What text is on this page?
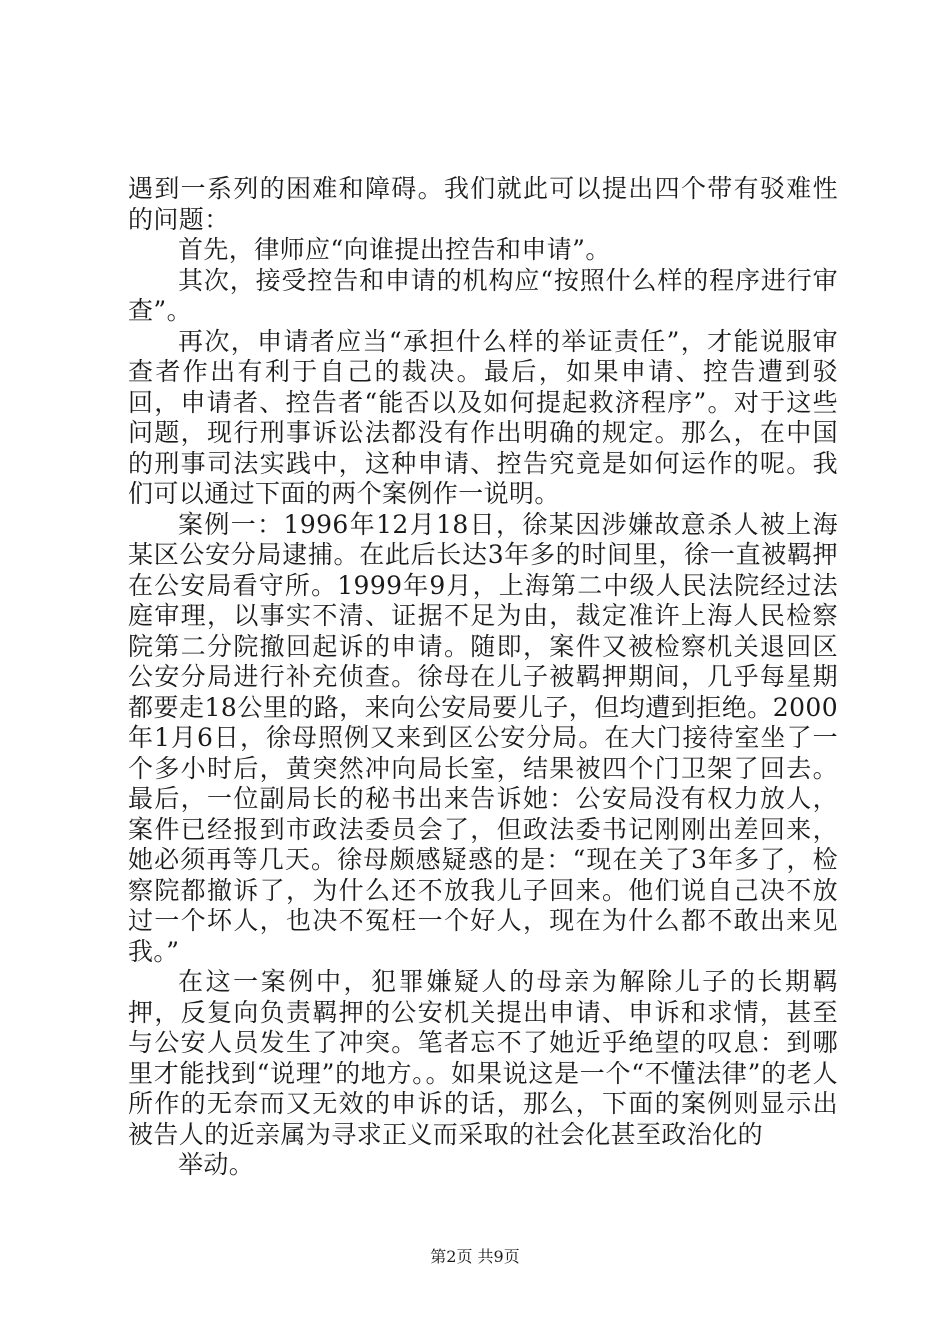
遇到一系列的困难和障碍。我们就此可以提出四个带有驳难性的问题：

首先，律师应“向谁提出控告和申请”。

其次，接受控告和申请的机构应“按照什么样的程序进行审查”。

再次，申请者应当“承担什么样的举证责任”，才能说服审查者作出有利于自己的裁决。最后，如果申请、控告遭到驳回，申请者、控告者“能否以及如何提起救济程序”。对于这些问题，现行刑事诉讼法都没有作出明确的规定。那么，在中国的刑事司法实践中，这种申请、控告究竟是如何运作的呢。我们可以通过下面的两个案例作一说明。

案例一：1996年12月18日，徐某因涉嫌故意杀人被上海某区公安分局逮捕。在此后长达3年多的时间里，徐一直被羁押在公安局看守所。1999年9月，上海第二中级人民法院经过法庭审理，以事实不清、证据不足为由，裁定准许上海人民检察院第二分院撤回起诉的申请。随即，案件又被检察机关退回区公安分局进行补充侦查。徐母在儿子被羁押期间，几乎每星期都要走18公里的路，来向公安局要儿子，但均遭到拒绝。2000年1月6日，徐母照例又来到区公安分局。在大门接待室坐了一个多小时后，黄突然冲向局长室，结果被四个门卫架了回去。最后，一位副局长的秘书出来告诉她：公安局没有权力放人，案件已经报到市政法委员会了，但政法委书记刚刚出差回来，她必须再等几天。徐母颇感疑惑的是：“现在关了3年多了，检察院都撤诉了，为什么还不放我儿子回来。他们说自己决不放过一个坏人，也决不冤枉一个好人，现在为什么都不敢出来见我。”

在这一案例中，犯罪嫌疑人的母亲为解除儿子的长期羁押，反复向负责羁押的公安机关提出申请、申诉和求情，甚至与公安人员发生了冲突。笔者忘不了她近乎绝望的叹息：到哪里才能找到“说理”的地方。。如果说这是一个“不懂法律”的老人所作的无奈而又无效的申诉的话，那么，下面的案例则显示出被告人的近亲属为寻求正义而采取的社会化甚至政治化的

举动。

第2页 共9页
